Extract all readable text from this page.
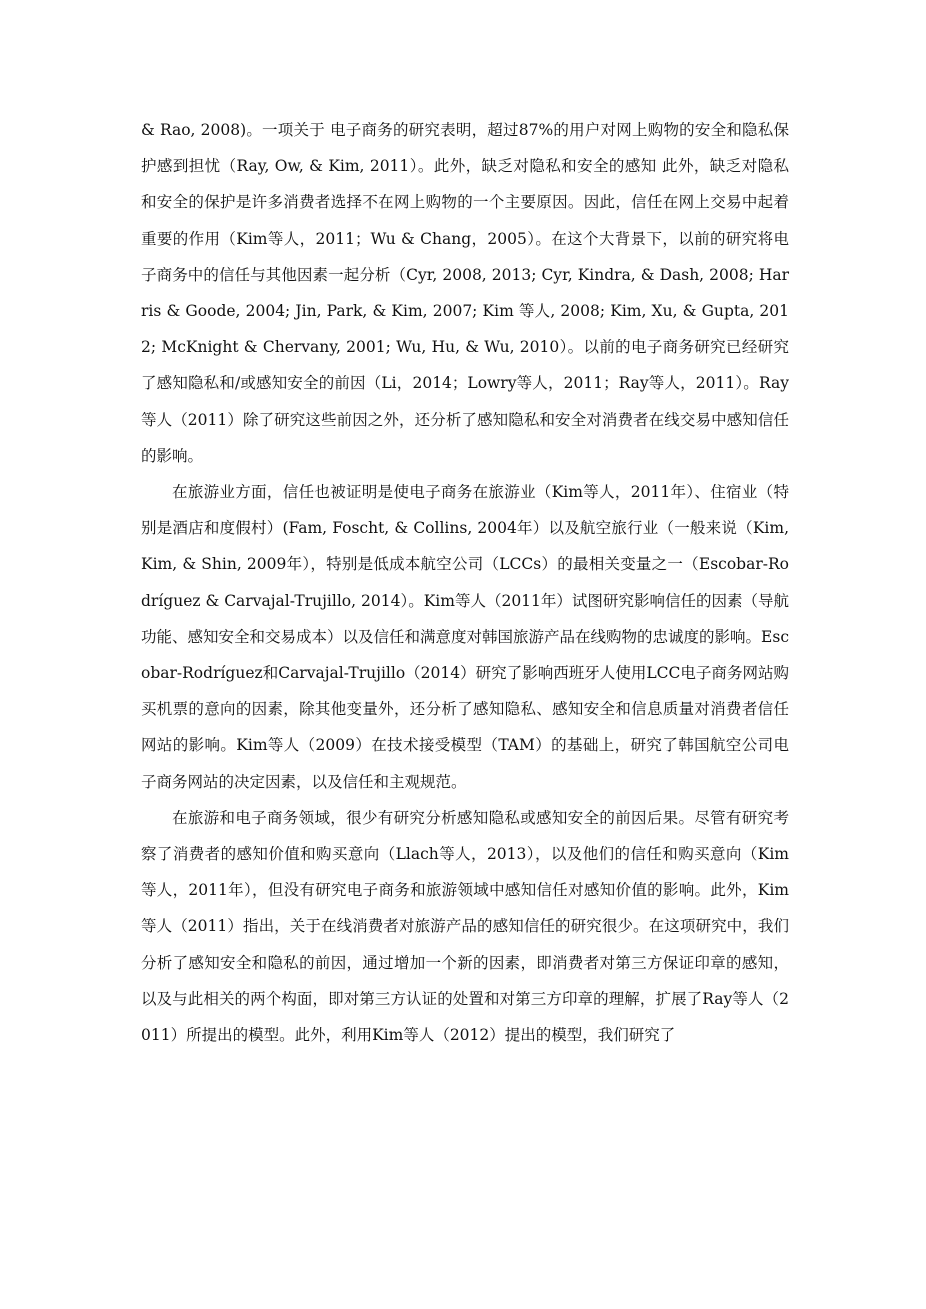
& Rao, 2008)。一项关于 电子商务的研究表明，超过87%的用户对网上购物的安全和隐私保护感到担忧（Ray, Ow, & Kim, 2011）。此外，缺乏对隐私和安全的感知 此外，缺乏对隐私和安全的保护是许多消费者选择不在网上购物的一个主要原因。因此，信任在网上交易中起着重要的作用（Kim等人，2011；Wu & Chang，2005）。在这个大背景下，以前的研究将电子商务中的信任与其他因素一起分析（Cyr, 2008, 2013; Cyr, Kindra, & Dash, 2008; Harris & Goode, 2004; Jin, Park, & Kim, 2007; Kim 等人, 2008; Kim, Xu, & Gupta, 2012; McKnight & Chervany, 2001; Wu, Hu, & Wu, 2010）。以前的电子商务研究已经研究了感知隐私和/或感知安全的前因（Li，2014；Lowry等人，2011；Ray等人，2011）。Ray等人（2011）除了研究这些前因之外，还分析了感知隐私和安全对消费者在线交易中感知信任的影响。

在旅游业方面，信任也被证明是使电子商务在旅游业（Kim等人，2011年）、住宿业（特别是酒店和度假村）(Fam, Foscht, & Collins, 2004年）以及航空旅行业（一般来说（Kim, Kim, & Shin, 2009年），特别是低成本航空公司（LCCs）的最相关变量之一（Escobar-Rodríguez & Carvajal-Trujillo, 2014）。Kim等人（2011年）试图研究影响信任的因素（导航功能、感知安全和交易成本）以及信任和满意度对韩国旅游产品在线购物的忠诚度的影响。Escobar-Rodríguez和Carvajal-Trujillo（2014）研究了影响西班牙人使用LCC电子商务网站购买机票的意向的因素，除其他变量外，还分析了感知隐私、感知安全和信息质量对消费者信任网站的影响。Kim等人（2009）在技术接受模型（TAM）的基础上，研究了韩国航空公司电子商务网站的决定因素，以及信任和主观规范。

在旅游和电子商务领域，很少有研究分析感知隐私或感知安全的前因后果。尽管有研究考察了消费者的感知价值和购买意向（Llach等人，2013），以及他们的信任和购买意向（Kim等人，2011年），但没有研究电子商务和旅游领域中感知信任对感知价值的影响。此外，Kim等人（2011）指出，关于在线消费者对旅游产品的感知信任的研究很少。在这项研究中，我们分析了感知安全和隐私的前因，通过增加一个新的因素，即消费者对第三方保证印章的感知，以及与此相关的两个构面，即对第三方认证的处置和对第三方印章的理解，扩展了Ray等人（2011）所提出的模型。此外，利用Kim等人（2012）提出的模型，我们研究了
